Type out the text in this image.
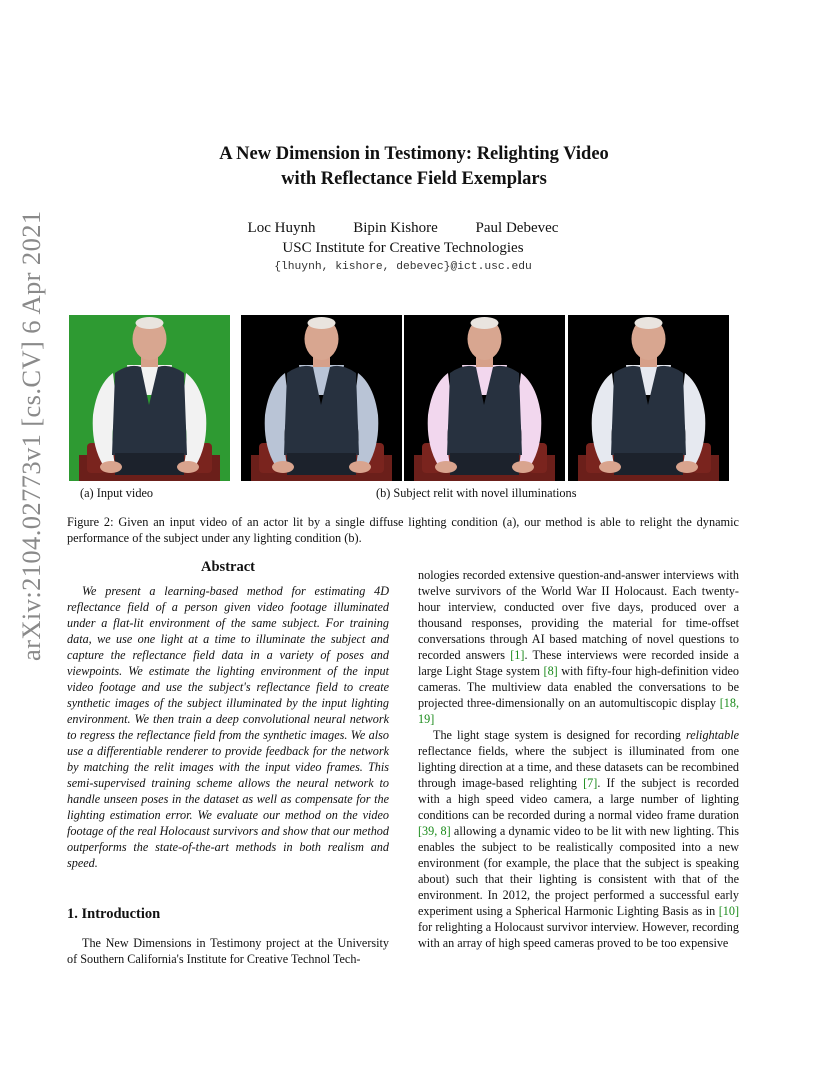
A New Dimension in Testimony: Relighting Video
with Reflectance Field Exemplars
Loc Huynh	Bipin Kishore	Paul Debevec
USC Institute for Creative Technologies
{lhuynh, kishore, debevec}@ict.usc.edu
arXiv:2104.02773v1 [cs.CV] 6 Apr 2021	(a) Input video	(b) Subject relit with novel illuminations
Figure 2: Given an input video of an actor lit by a single diffuse lighting condition (a), our method is able to relight the dynamic performance of the subject under any lighting condition (b).
Abstract

We present a learning-based method for estimating 4D reflectance field of a person given video footage illuminated under a flat-lit environment of the same subject. For training data, we use one light at a time to illuminate the subject and capture the reflectance field data in a variety of poses and viewpoints. We estimate the lighting environment of the input video footage and use the subject's reflectance field to create synthetic images of the subject illuminated by the input lighting environment. We then train a deep convolutional neural network to regress the reflectance field from the synthetic images. We also use a differentiable renderer to provide feedback for the network by matching the relit images with the input video frames. This semi-supervised training scheme allows the neural network to handle unseen poses in the dataset as well as compensate for the lighting estimation error. We evaluate our method on the video footage of the real Holocaust survivors and show that our method outperforms the state-of-the-art methods in both realism and speed.

1. Introduction

The New Dimensions in Testimony project at the University of Southern California's Institute for Creative Technol Tech-

nologies recorded extensive question-and-answer interviews with twelve survivors of the World War II Holocaust. Each twenty-hour interview, conducted over five days, produced over a thousand responses, providing the material for time-offset conversations through AI based matching of novel questions to recorded answers [1]. These interviews were recorded inside a large Light Stage system [8] with fifty-four high-definition video cameras. The multiview data enabled the conversations to be projected three-dimensionally on an automultiscopic display [18, 19]

The light stage system is designed for recording relightable reflectance fields, where the subject is illuminated from one lighting direction at a time, and these datasets can be recombined through image-based relighting [7]. If the subject is recorded with a high speed video camera, a large number of lighting conditions can be recorded during a normal video frame duration [39, 8] allowing a dynamic video to be lit with new lighting. This enables the subject to be realistically composited into a new environment (for example, the place that the subject is speaking about) such that their lighting is consistent with that of the environment. In 2012, the project performed a successful early experiment using a Spherical Harmonic Lighting Basis as in [10] for relighting a Holocaust survivor interview. However, recording with an array of high speed cameras proved to be too expensive
